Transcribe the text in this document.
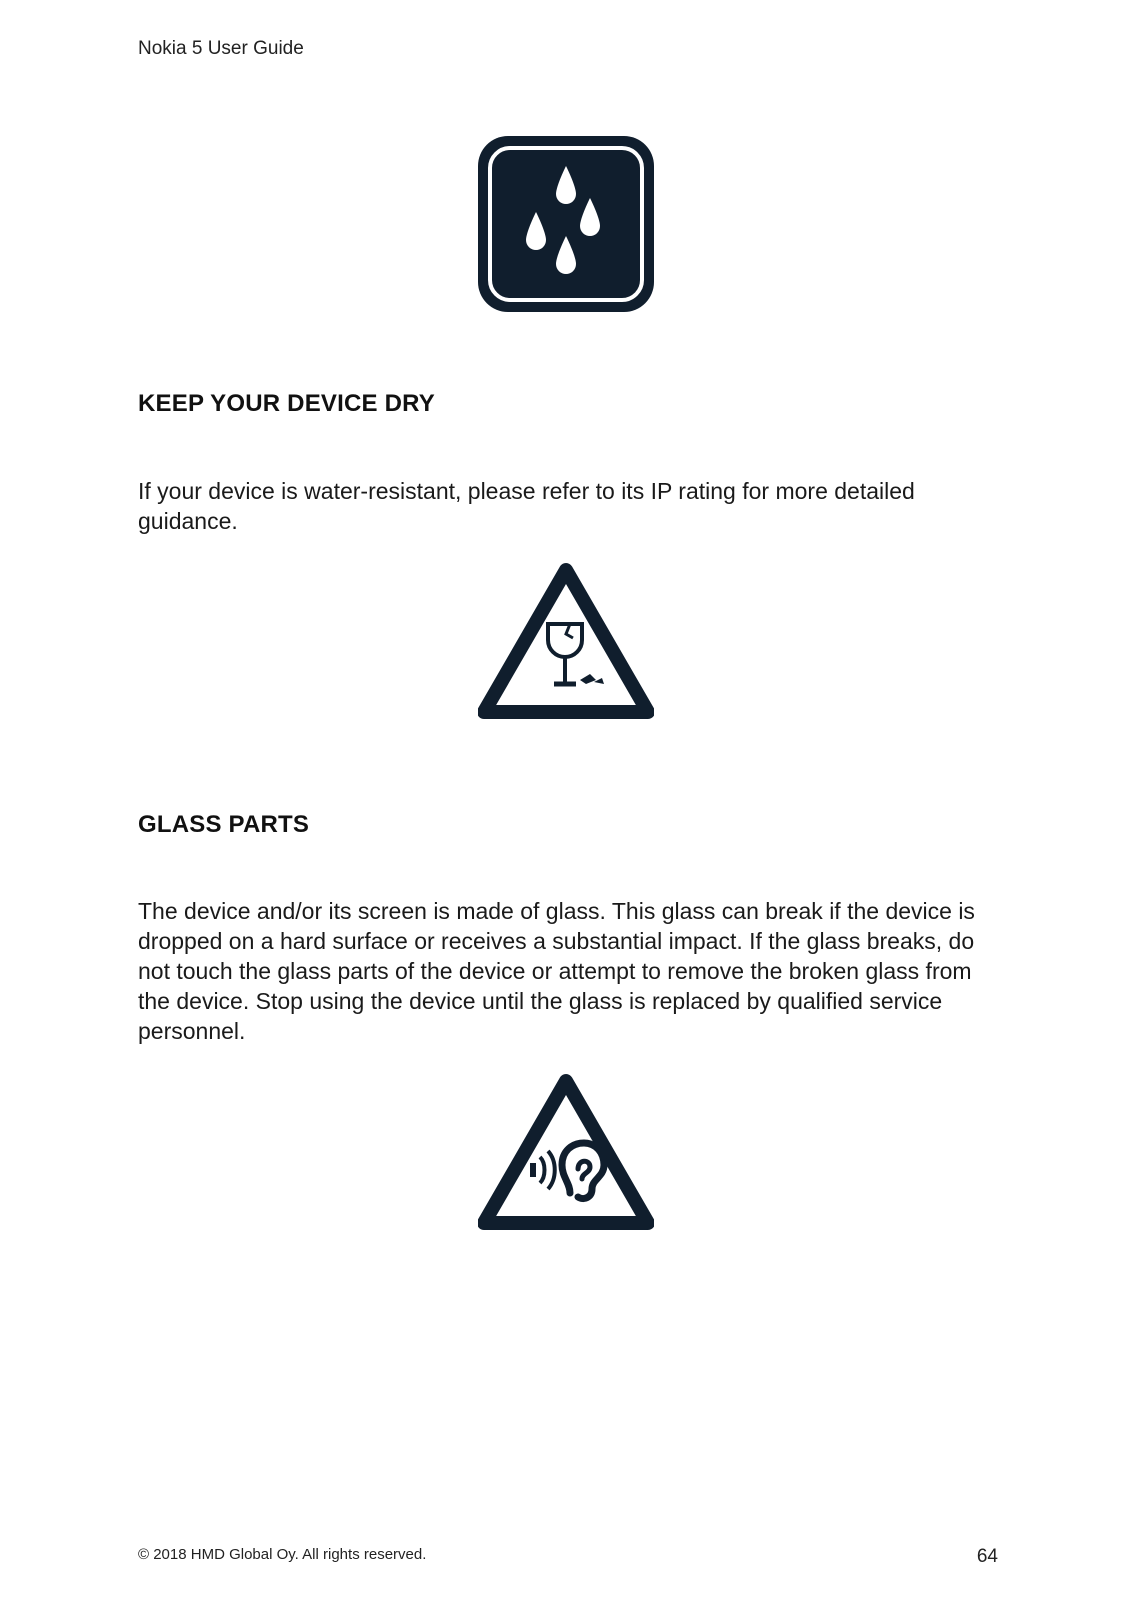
Nokia 5 User Guide
KEEP YOUR DEVICE DRY
If your device is water-resistant, please refer to its IP rating for more detailed guidance.
GLASS PARTS
The device and/or its screen is made of glass. This glass can break if the device is dropped on a hard surface or receives a substantial impact. If the glass breaks, do not touch the glass parts of the device or attempt to remove the broken glass from the device. Stop using the device until the glass is replaced by qualified service personnel.
© 2018 HMD Global Oy. All rights reserved.	64
